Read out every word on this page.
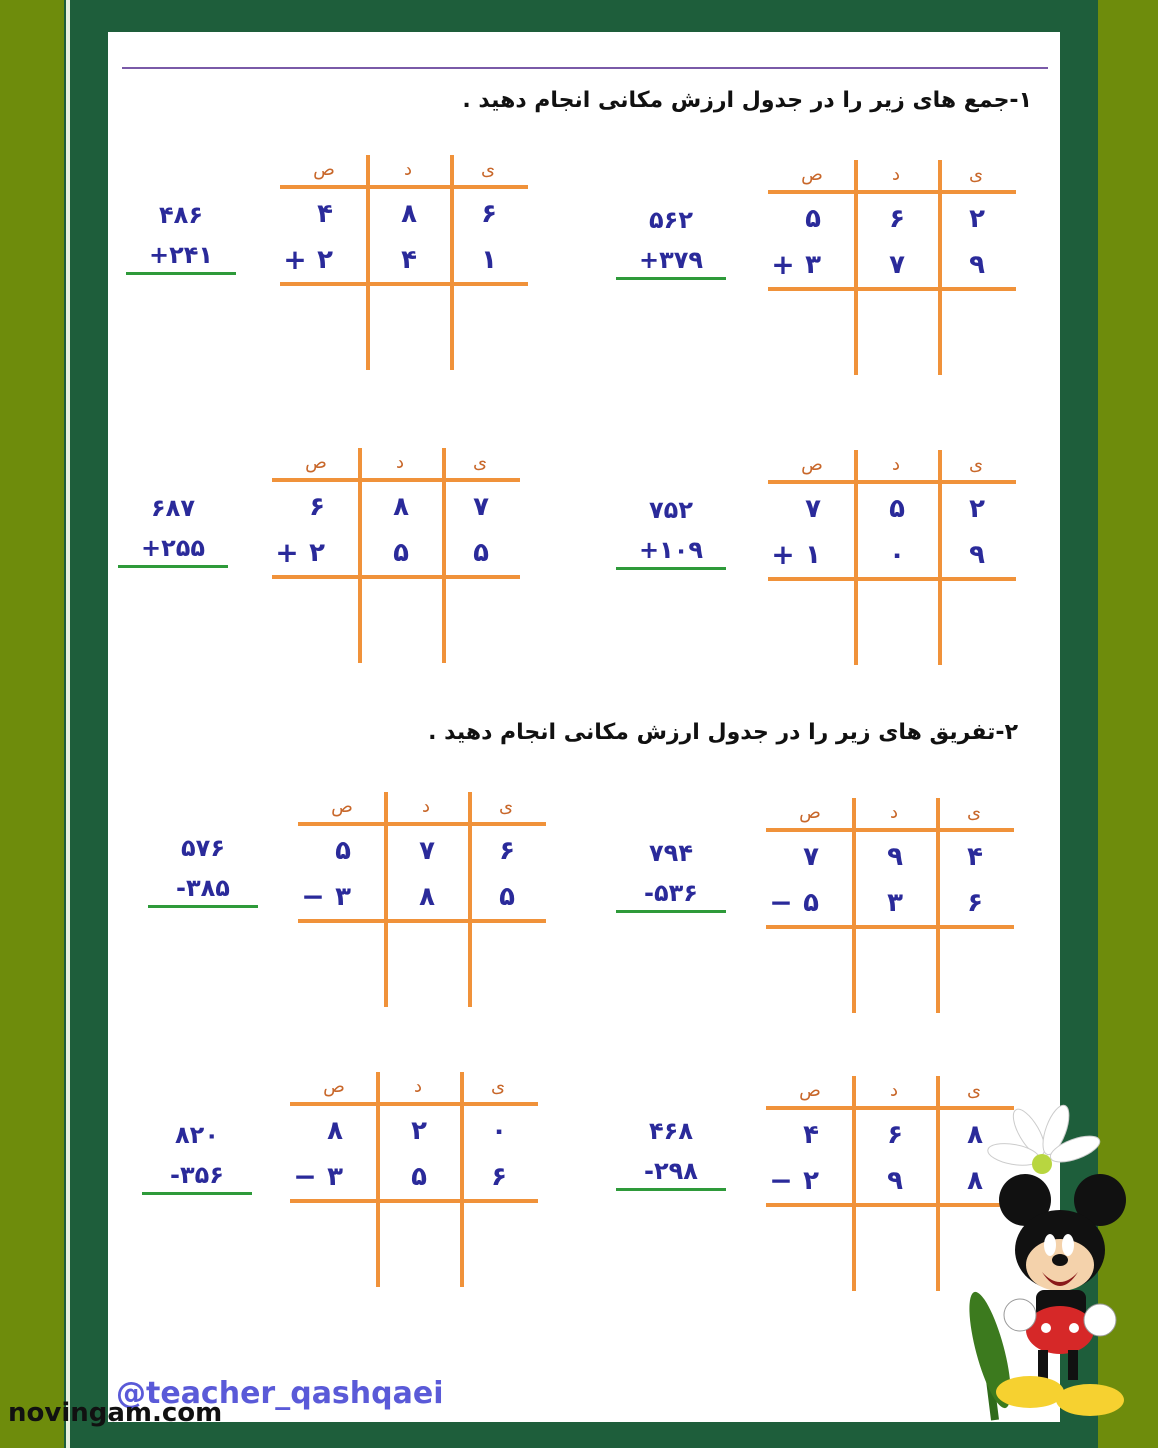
۱-جمع های زیر را در جدول ارزش مکانی انجام دهید .
۲-تفریق های زیر را در جدول ارزش مکانی انجام دهید .
ص	د	ی
۵	۶	۲
۳	۷	۹
+
۵۶۲
+۳۷۹
ص	د	ی
۴	۸	۶
۲	۴	۱
+
۴۸۶
+۲۴۱
ص	د	ی
۷	۵	۲
۱	۰	۹
+
۷۵۲
+۱۰۹
ص	د	ی
۶	۸	۷
۲	۵	۵
+
۶۸۷
+۲۵۵
ص	د	ی
۷	۹	۴
۵	۳	۶
−
۷۹۴
-۵۳۶
ص	د	ی
۵	۷	۶
۳	۸	۵
−
۵۷۶
-۳۸۵
ص	د	ی
۴	۶	۸
۲	۹	۸
−
۴۶۸
-۲۹۸
ص	د	ی
۸	۲	۰
۳	۵	۶
−
۸۲۰
-۳۵۶
@teacher_qashqaei
novingam.com
